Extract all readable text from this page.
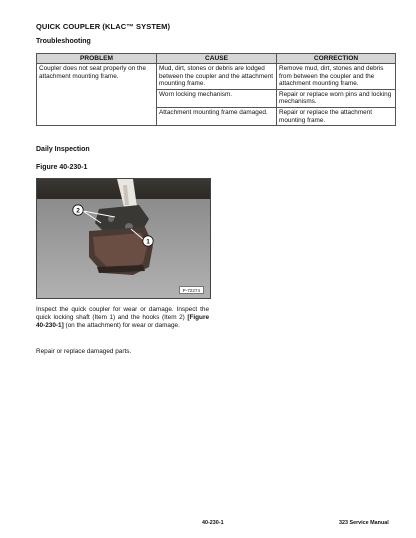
QUICK COUPLER (KLAC™ SYSTEM)
Troubleshooting
PROBLEM	CAUSE	CORRECTION
Coupler does not seat properly on the attachment mounting frame.	Mud, dirt, stones or debris are lodged between the coupler and the attachment mounting frame.	Remove mud, dirt, stones and debris from between the coupler and the attachment mounting frame.
	Worn locking mechanism.	Repair or replace worn pins and locking mechanisms.
	Attachment mounting frame damaged.	Repair or replace the attachment mounting frame.
Daily Inspection
Figure 40-230-1
2
1
P-72274
Inspect the quick coupler for wear or damage. Inspect the quick locking shaft (Item 1) and the hooks (Item 2) [Figure 40-230-1] (on the attachment) for wear or damage.
Repair or replace damaged parts.
40-230-1	323 Service Manual
